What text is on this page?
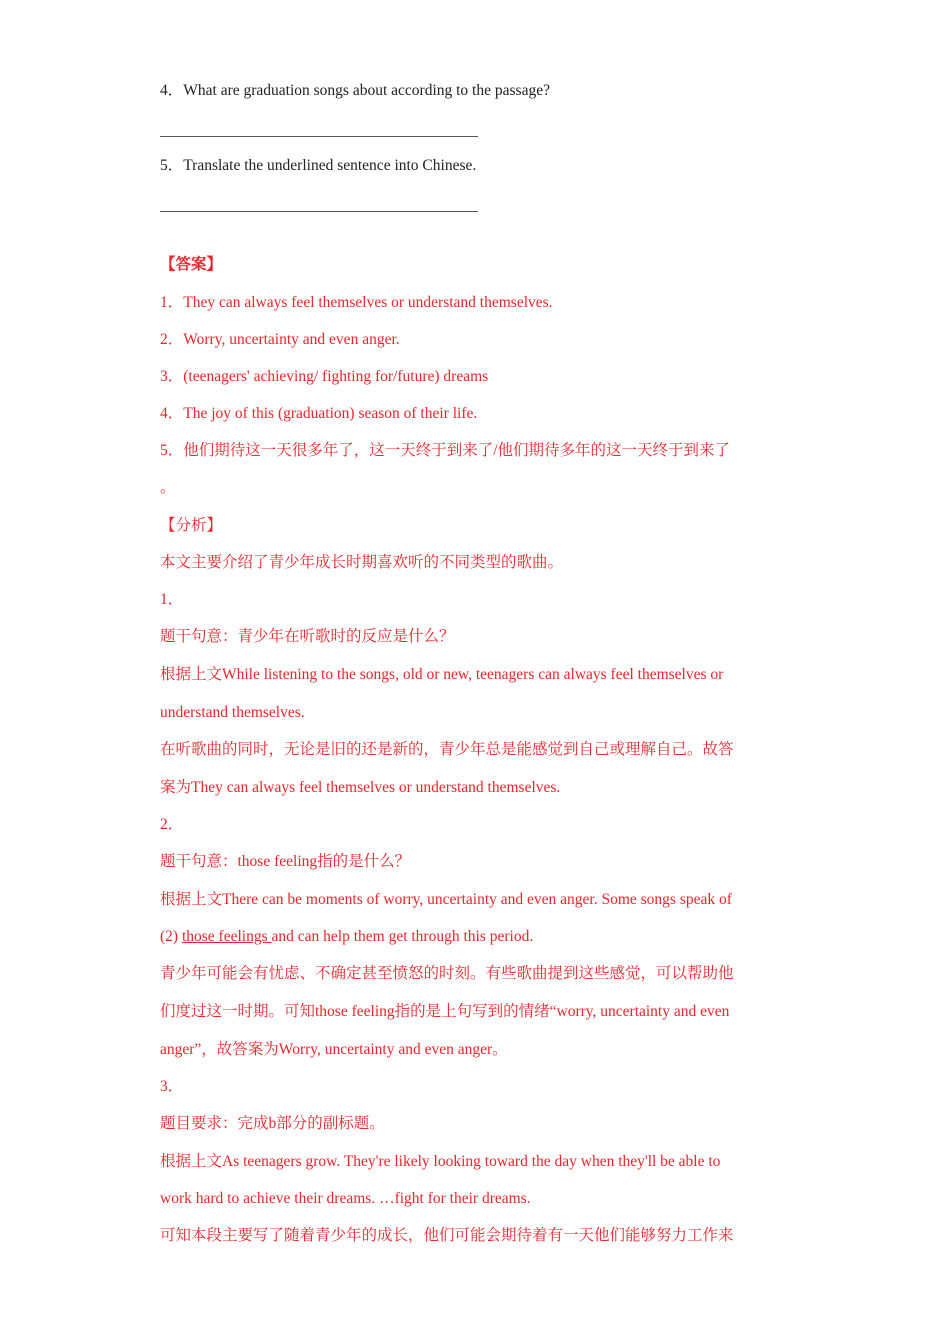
4．What are graduation songs about according to the passage?
5．Translate the underlined sentence into Chinese.
【答案】
1．They can always feel themselves or understand themselves.
2．Worry, uncertainty and even anger.
3．(teenagers' achieving/ fighting for/future) dreams
4．The joy of this (graduation) season of their life.
5．他们期待这一天很多年了，这一天终于到来了/他们期待多年的这一天终于到来了
。
【分析】
本文主要介绍了青少年成长时期喜欢听的不同类型的歌曲。
1．
题干句意：青少年在听歌时的反应是什么？
根据上文While listening to the songs, old or new, teenagers can always feel themselves or
understand themselves.
在听歌曲的同时，无论是旧的还是新的，青少年总是能感觉到自己或理解自己。故答
案为They can always feel themselves or understand themselves.
2．
题干句意：those feeling指的是什么？
根据上文There can be moments of worry, uncertainty and even anger. Some songs speak of
(2) those feelings and can help them get through this period.
青少年可能会有忧虑、不确定甚至愤怒的时刻。有些歌曲提到这些感觉，可以帮助他
们度过这一时期。可知those feeling指的是上句写到的情绪“worry, uncertainty and even
anger”，故答案为Worry, uncertainty and even anger。
3．
题目要求：完成b部分的副标题。
根据上文As teenagers grow. They're likely looking toward the day when they'll be able to
work hard to achieve their dreams. …fight for their dreams.
可知本段主要写了随着青少年的成长，他们可能会期待着有一天他们能够努力工作来
